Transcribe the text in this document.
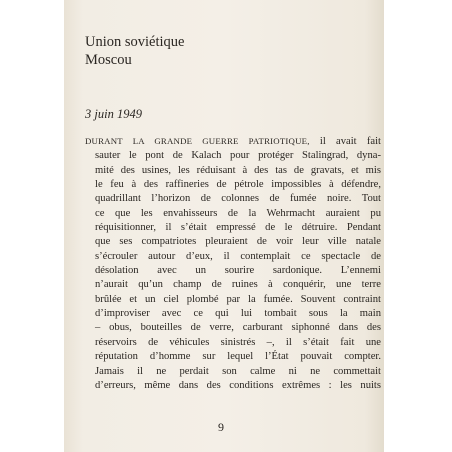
Union soviétique
Moscou
3 juin 1949
DURANT LA GRANDE GUERRE PATRIOTIQUE, il avait fait
sauter le pont de Kalach pour protéger Stalingrad, dyna-
mité des usines, les réduisant à des tas de gravats, et mis
le feu à des raffineries de pétrole impossibles à défendre,
quadrillant l’horizon de colonnes de fumée noire. Tout
ce que les envahisseurs de la Wehrmacht auraient pu
réquisitionner, il s’était empressé de le détruire. Pendant
que ses compatriotes pleuraient de voir leur ville natale
s’écrouler autour d’eux, il contemplait ce spectacle de
désolation avec un sourire sardonique. L’ennemi
n’aurait qu’un champ de ruines à conquérir, une terre
brûlée et un ciel plombé par la fumée. Souvent contraint
d’improviser avec ce qui lui tombait sous la main
– obus, bouteilles de verre, carburant siphonné dans des
réservoirs de véhicules sinistrés –, il s’était fait une
réputation d’homme sur lequel l’État pouvait compter.
Jamais il ne perdait son calme ni ne commettait
d’erreurs, même dans des conditions extrêmes : les nuits
9
